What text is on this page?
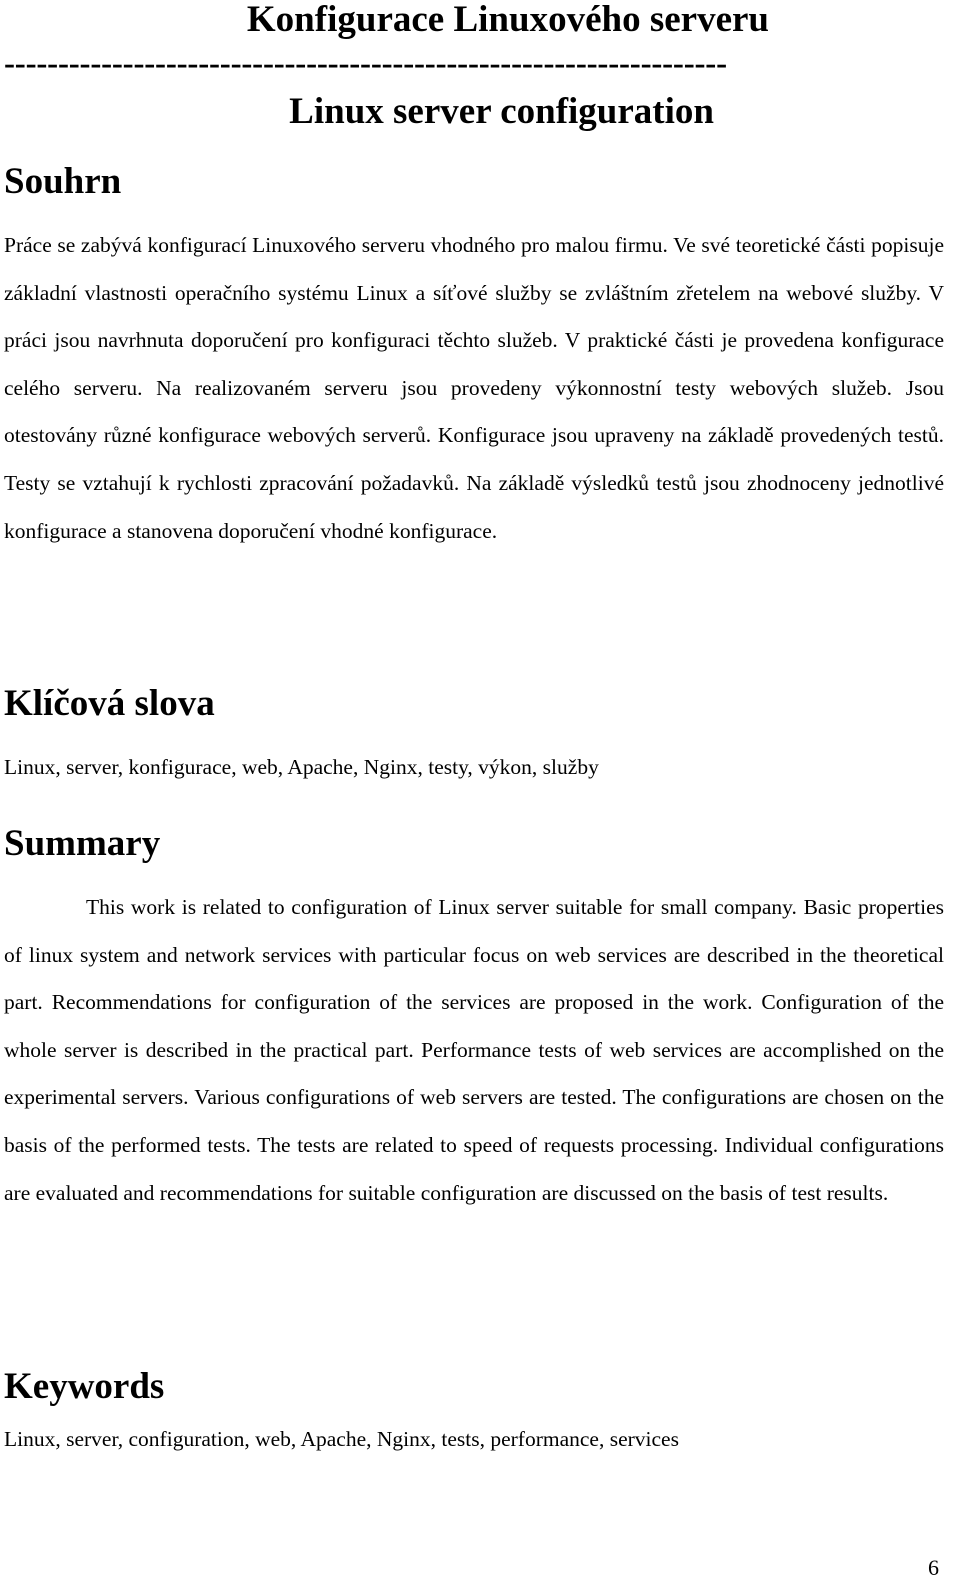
Konfigurace Linuxového serveru
-------------------------------------------------------------------
Linux server configuration
Souhrn

Práce se zabývá konfigurací Linuxového serveru vhodného pro malou firmu. Ve své teoretické části popisuje základní vlastnosti operačního systému Linux a síťové služby se zvláštním zřetelem na webové služby. V práci jsou navrhnuta doporučení pro konfiguraci těchto služeb. V praktické části je provedena konfigurace celého serveru. Na realizovaném serveru jsou provedeny výkonnostní testy webových služeb. Jsou otestovány různé konfigurace webových serverů. Konfigurace jsou upraveny na základě provedených testů. Testy se vztahují k rychlosti zpracování požadavků. Na základě výsledků testů jsou zhodnoceny jednotlivé konfigurace a stanovena doporučení vhodné konfigurace.

Klíčová slova

Linux, server, konfigurace, web, Apache, Nginx, testy, výkon, služby

Summary

This work is related to configuration of Linux server suitable for small company. Basic properties of linux system and network services with particular focus on web services are described in the theoretical part. Recommendations for configuration of the services are proposed in the work. Configuration of the whole server is described in the practical part. Performance tests of web services are accomplished on the experimental servers. Various configurations of web servers are tested. The configurations are chosen on the basis of the performed tests. The tests are related to speed of requests processing. Individual configurations are evaluated and recommendations for suitable configuration are discussed on the basis of test results.

Keywords

Linux, server, configuration, web, Apache, Nginx, tests, performance, services

6
